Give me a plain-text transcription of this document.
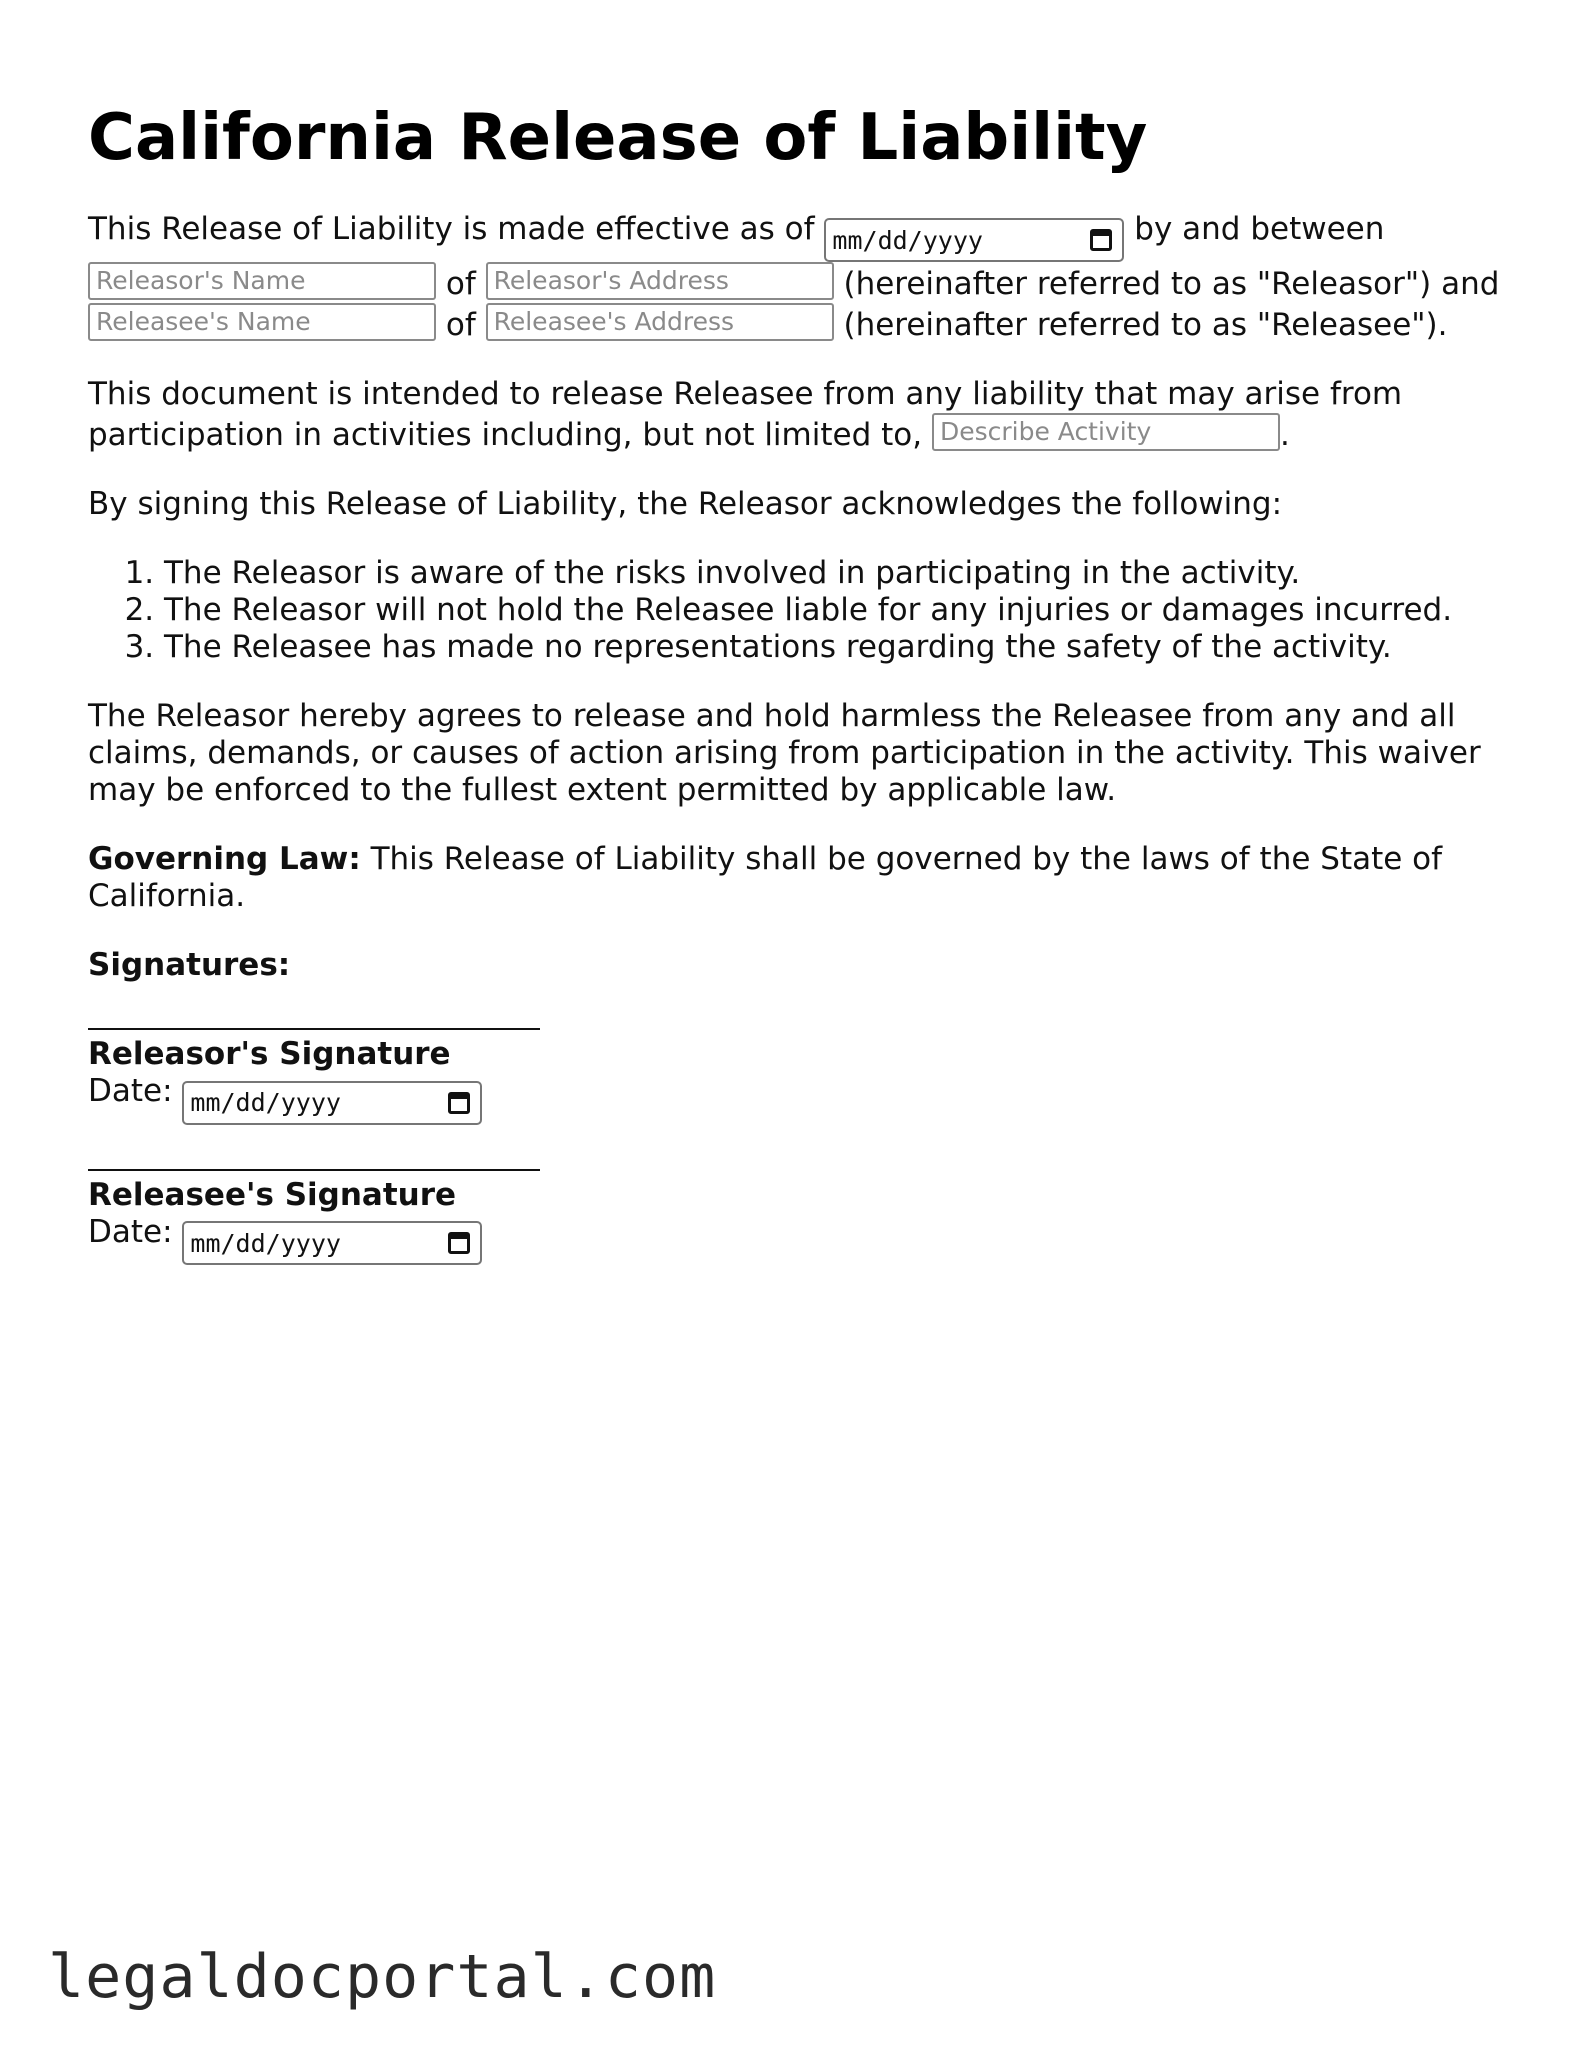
California Release of Liability

This Release of Liability is made effective as of mm/dd/yyyy	by and between Releasor's Name	of Releasor's Address	(hereinafter referred to as "Releasor") and Releasee's Name	of Releasee's Address	(hereinafter referred to as "Releasee").

This document is intended to release Releasee from any liability that may arise from participation in activities including, but not limited to, Describe Activity	.

By signing this Release of Liability, the Releasor acknowledges the following:

1. The Releasor is aware of the risks involved in participating in the activity.
2. The Releasor will not hold the Releasee liable for any injuries or damages incurred.
3. The Releasee has made no representations regarding the safety of the activity.

The Releasor hereby agrees to release and hold harmless the Releasee from any and all claims, demands, or causes of action arising from participation in the activity. This waiver may be enforced to the fullest extent permitted by applicable law.

Governing Law: This Release of Liability shall be governed by the laws of the State of California.

Signatures:

Releasor's Signature
Date: mm/dd/yyyy
Releasee's Signature
Date: mm/dd/yyyy
legaldocportal.com
